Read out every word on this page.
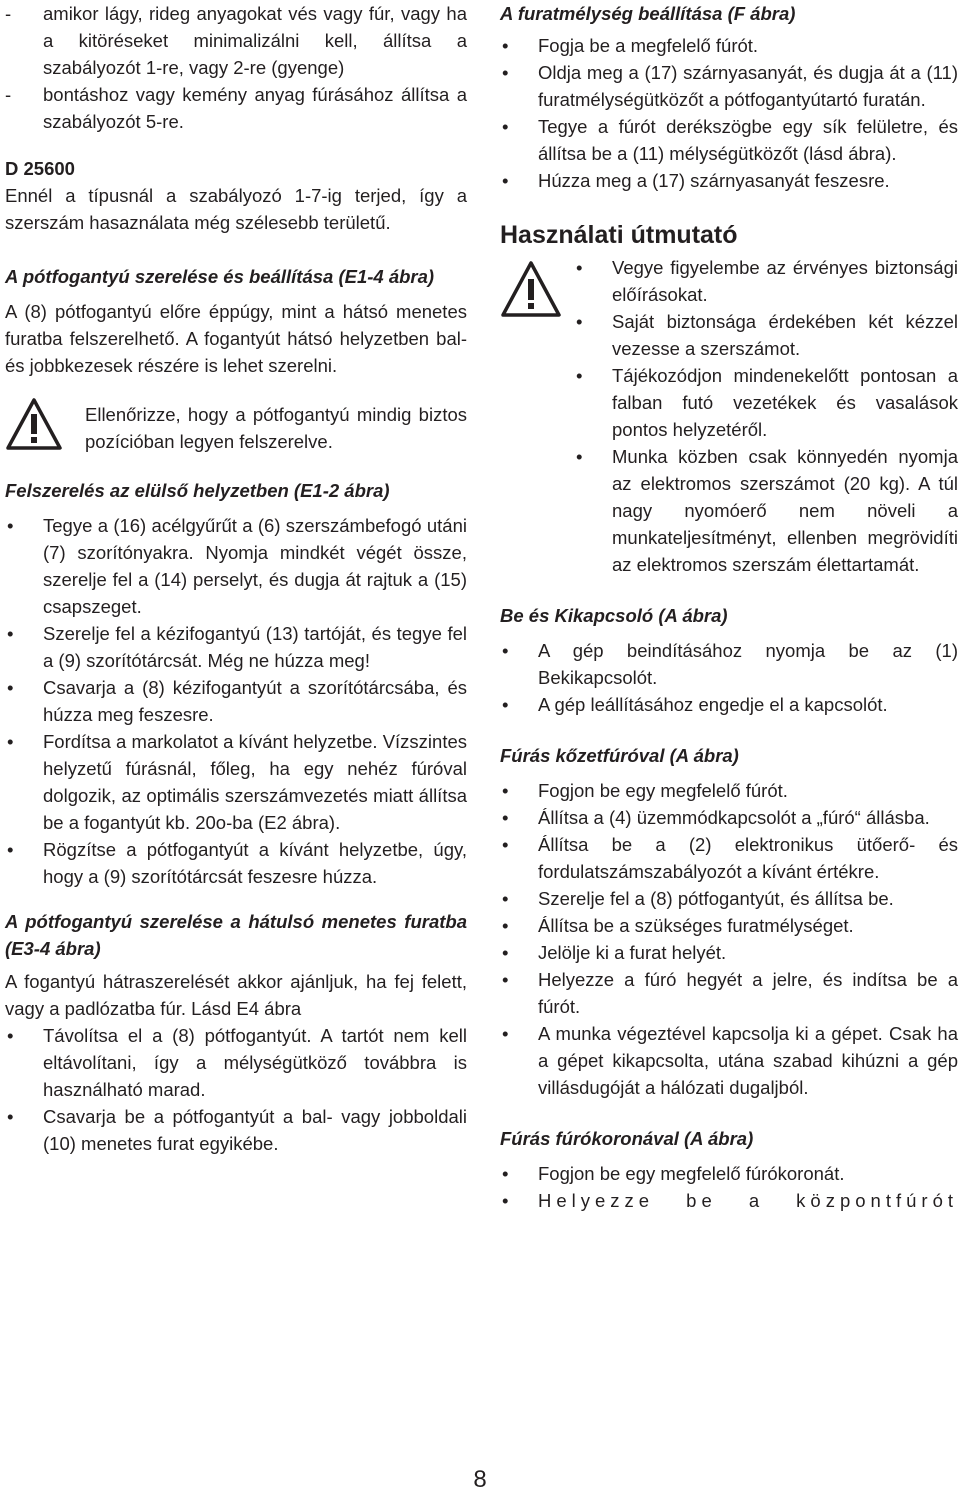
-	amikor lágy, rideg anyagokat vés vagy fúr, vagy ha a kitöréseket minimalizálni kell, állítsa a szabályozót 1-re, vagy 2-re (gyenge)
-	bontáshoz vagy kemény anyag fúrásához állítsa a szabályozót 5-re.

D 25600

Ennél a típusnál a szabályozó 1-7-ig terjed, így a szerszám hasaználata még szélesebb területű.

A pótfogantyú szerelése és beállítása (E1-4 ábra)

A (8) pótfogantyú előre éppúgy, mint a hátsó menetes furatba felszerelhető. A fogantyút hátsó helyzetben bal- és jobbkezesek részére is lehet szerelni.

Ellenőrizze, hogy a pótfogantyú mindig biztos pozícióban legyen felszerelve.

Felszerelés az elülső helyzetben (E1-2 ábra)

•	Tegye a (16) acélgyűrűt a (6) szerszámbefogó utáni (7) szorítónyakra. Nyomja mindkét végét össze, szerelje fel a (14) perselyt, és dugja át rajtuk a (15) csapszeget.
•	Szerelje fel a kézifogantyú (13) tartóját, és tegye fel a (9) szorítótárcsát. Még ne húzza meg!
•	Csavarja a (8) kézifogantyút a szorítótárcsába, és húzza meg feszesre.
•	Fordítsa a markolatot a kívánt helyzetbe. Vízszintes helyzetű fúrásnál, főleg, ha egy nehéz fúróval dolgozik, az optimális szerszámvezetés miatt állítsa be a fogantyút kb. 20o-ba (E2 ábra).
•	Rögzítse a pótfogantyút a kívánt helyzetbe, úgy, hogy a (9) szorítótárcsát feszesre húzza.

A pótfogantyú szerelése a hátulsó menetes furatba (E3-4 ábra)

A fogantyú hátraszerelését akkor ajánljuk, ha fej felett, vagy a padlózatba fúr. Lásd E4 ábra

•	Távolítsa el a (8) pótfogantyút. A tartót nem kell eltávolítani, így a mélységütköző továbbra is használható marad.
•	Csavarja be a pótfogantyút a bal- vagy jobboldali (10) menetes furat egyikébe.

A furatmélység beállítása (F ábra)

•	Fogja be a megfelelő fúrót.
•	Oldja meg a (17) szárnyasanyát, és dugja át a (11) furatmélységütközőt a pótfogantyútartó furatán.
•	Tegye a fúrót derékszögbe egy sík felületre, és állítsa be a (11) mélységütközőt (lásd ábra).
•	Húzza meg a (17) szárnyasanyát feszesre.

Használati útmutató

•	Vegye figyelembe az érvényes biztonsági előírásokat.
•	Saját biztonsága érdekében két kézzel vezesse a szerszámot.
•	Tájékozódjon mindenekelőtt pontosan a falban futó vezetékek és vasalások pontos helyzetéről.
•	Munka közben csak könnyedén nyomja az elektromos szerszámot (20 kg). A túl nagy nyomóerő nem növeli a munkateljesítményt, ellenben megrövidíti az elektromos szerszám élettartamát.

Be és Kikapcsoló (A ábra)

•	A gép beindításához nyomja be az (1) Bekikapcsolót.
•	A gép leállításához engedje el a kapcsolót.

Fúrás kőzetfúróval (A ábra)

•	Fogjon be egy megfelelő fúrót.
•	Állítsa a (4) üzemmódkapcsolót a „fúró“ állásba.
•	Állítsa be a (2) elektronikus ütőerő- és fordulatszámszabályozót a kívánt értékre.
•	Szerelje fel a (8) pótfogantyút, és állítsa be.
•	Állítsa be a szükséges furatmélységet.
•	Jelölje ki a furat helyét.
•	Helyezze a fúró hegyét a jelre, és indítsa be a fúrót.
•	A munka végeztével kapcsolja ki a gépet. Csak ha a gépet kikapcsolta, utána szabad kihúzni a gép villásdugóját a hálózati dugaljból.

Fúrás fúrókoronával (A ábra)

•	Fogjon be egy megfelelő fúrókoronát.
•	Helyezze be a központfúrót
8
